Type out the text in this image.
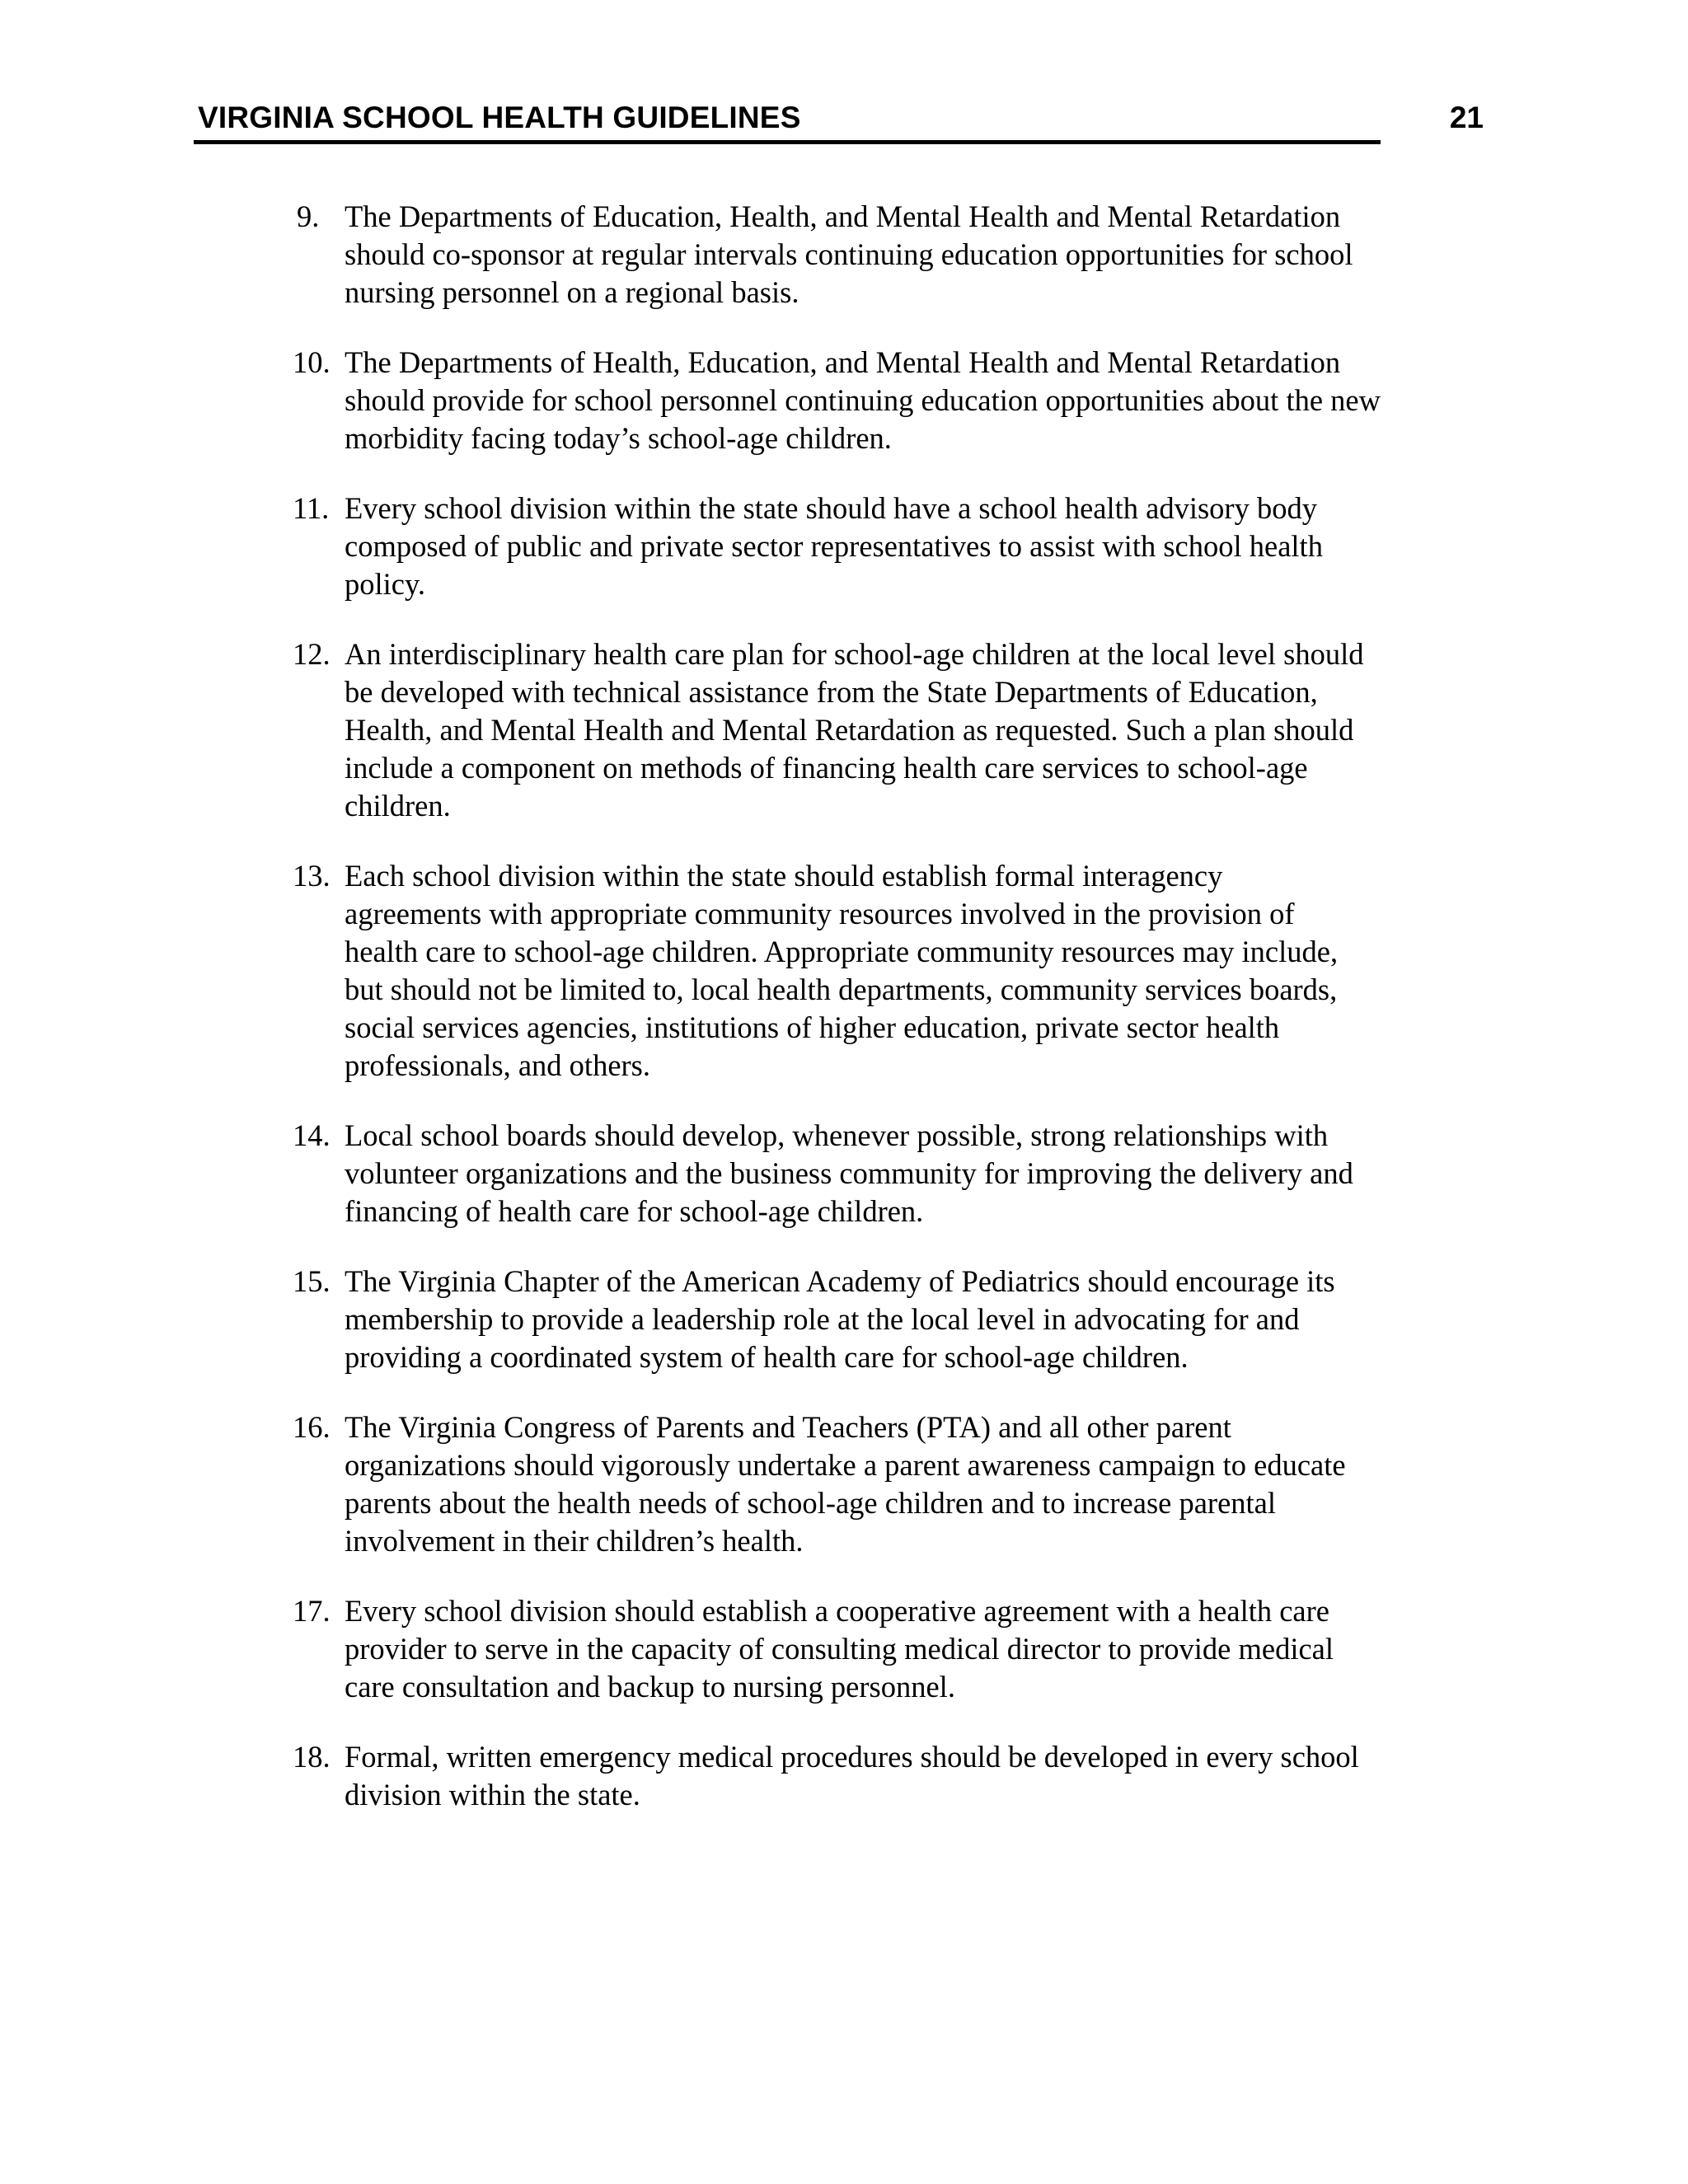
VIRGINIA SCHOOL HEALTH GUIDELINES	21
9. The Departments of Education, Health, and Mental Health and Mental Retardation
should co-sponsor at regular intervals continuing education opportunities for school
nursing personnel on a regional basis.
10. The Departments of Health, Education, and Mental Health and Mental Retardation
should provide for school personnel continuing education opportunities about the new
morbidity facing today’s school-age children.
11. Every school division within the state should have a school health advisory body
composed of public and private sector representatives to assist with school health
policy.
12. An interdisciplinary health care plan for school-age children at the local level should
be developed with technical assistance from the State Departments of Education,
Health, and Mental Health and Mental Retardation as requested. Such a plan should
include a component on methods of financing health care services to school-age
children.
13. Each school division within the state should establish formal interagency
agreements with appropriate community resources involved in the provision of
health care to school-age children. Appropriate community resources may include,
but should not be limited to, local health departments, community services boards,
social services agencies, institutions of higher education, private sector health
professionals, and others.
14. Local school boards should develop, whenever possible, strong relationships with
volunteer organizations and the business community for improving the delivery and
financing of health care for school-age children.
15. The Virginia Chapter of the American Academy of Pediatrics should encourage its
membership to provide a leadership role at the local level in advocating for and
providing a coordinated system of health care for school-age children.
16. The Virginia Congress of Parents and Teachers (PTA) and all other parent
organizations should vigorously undertake a parent awareness campaign to educate
parents about the health needs of school-age children and to increase parental
involvement in their children’s health.
17. Every school division should establish a cooperative agreement with a health care
provider to serve in the capacity of consulting medical director to provide medical
care consultation and backup to nursing personnel.
18. Formal, written emergency medical procedures should be developed in every school
division within the state.
